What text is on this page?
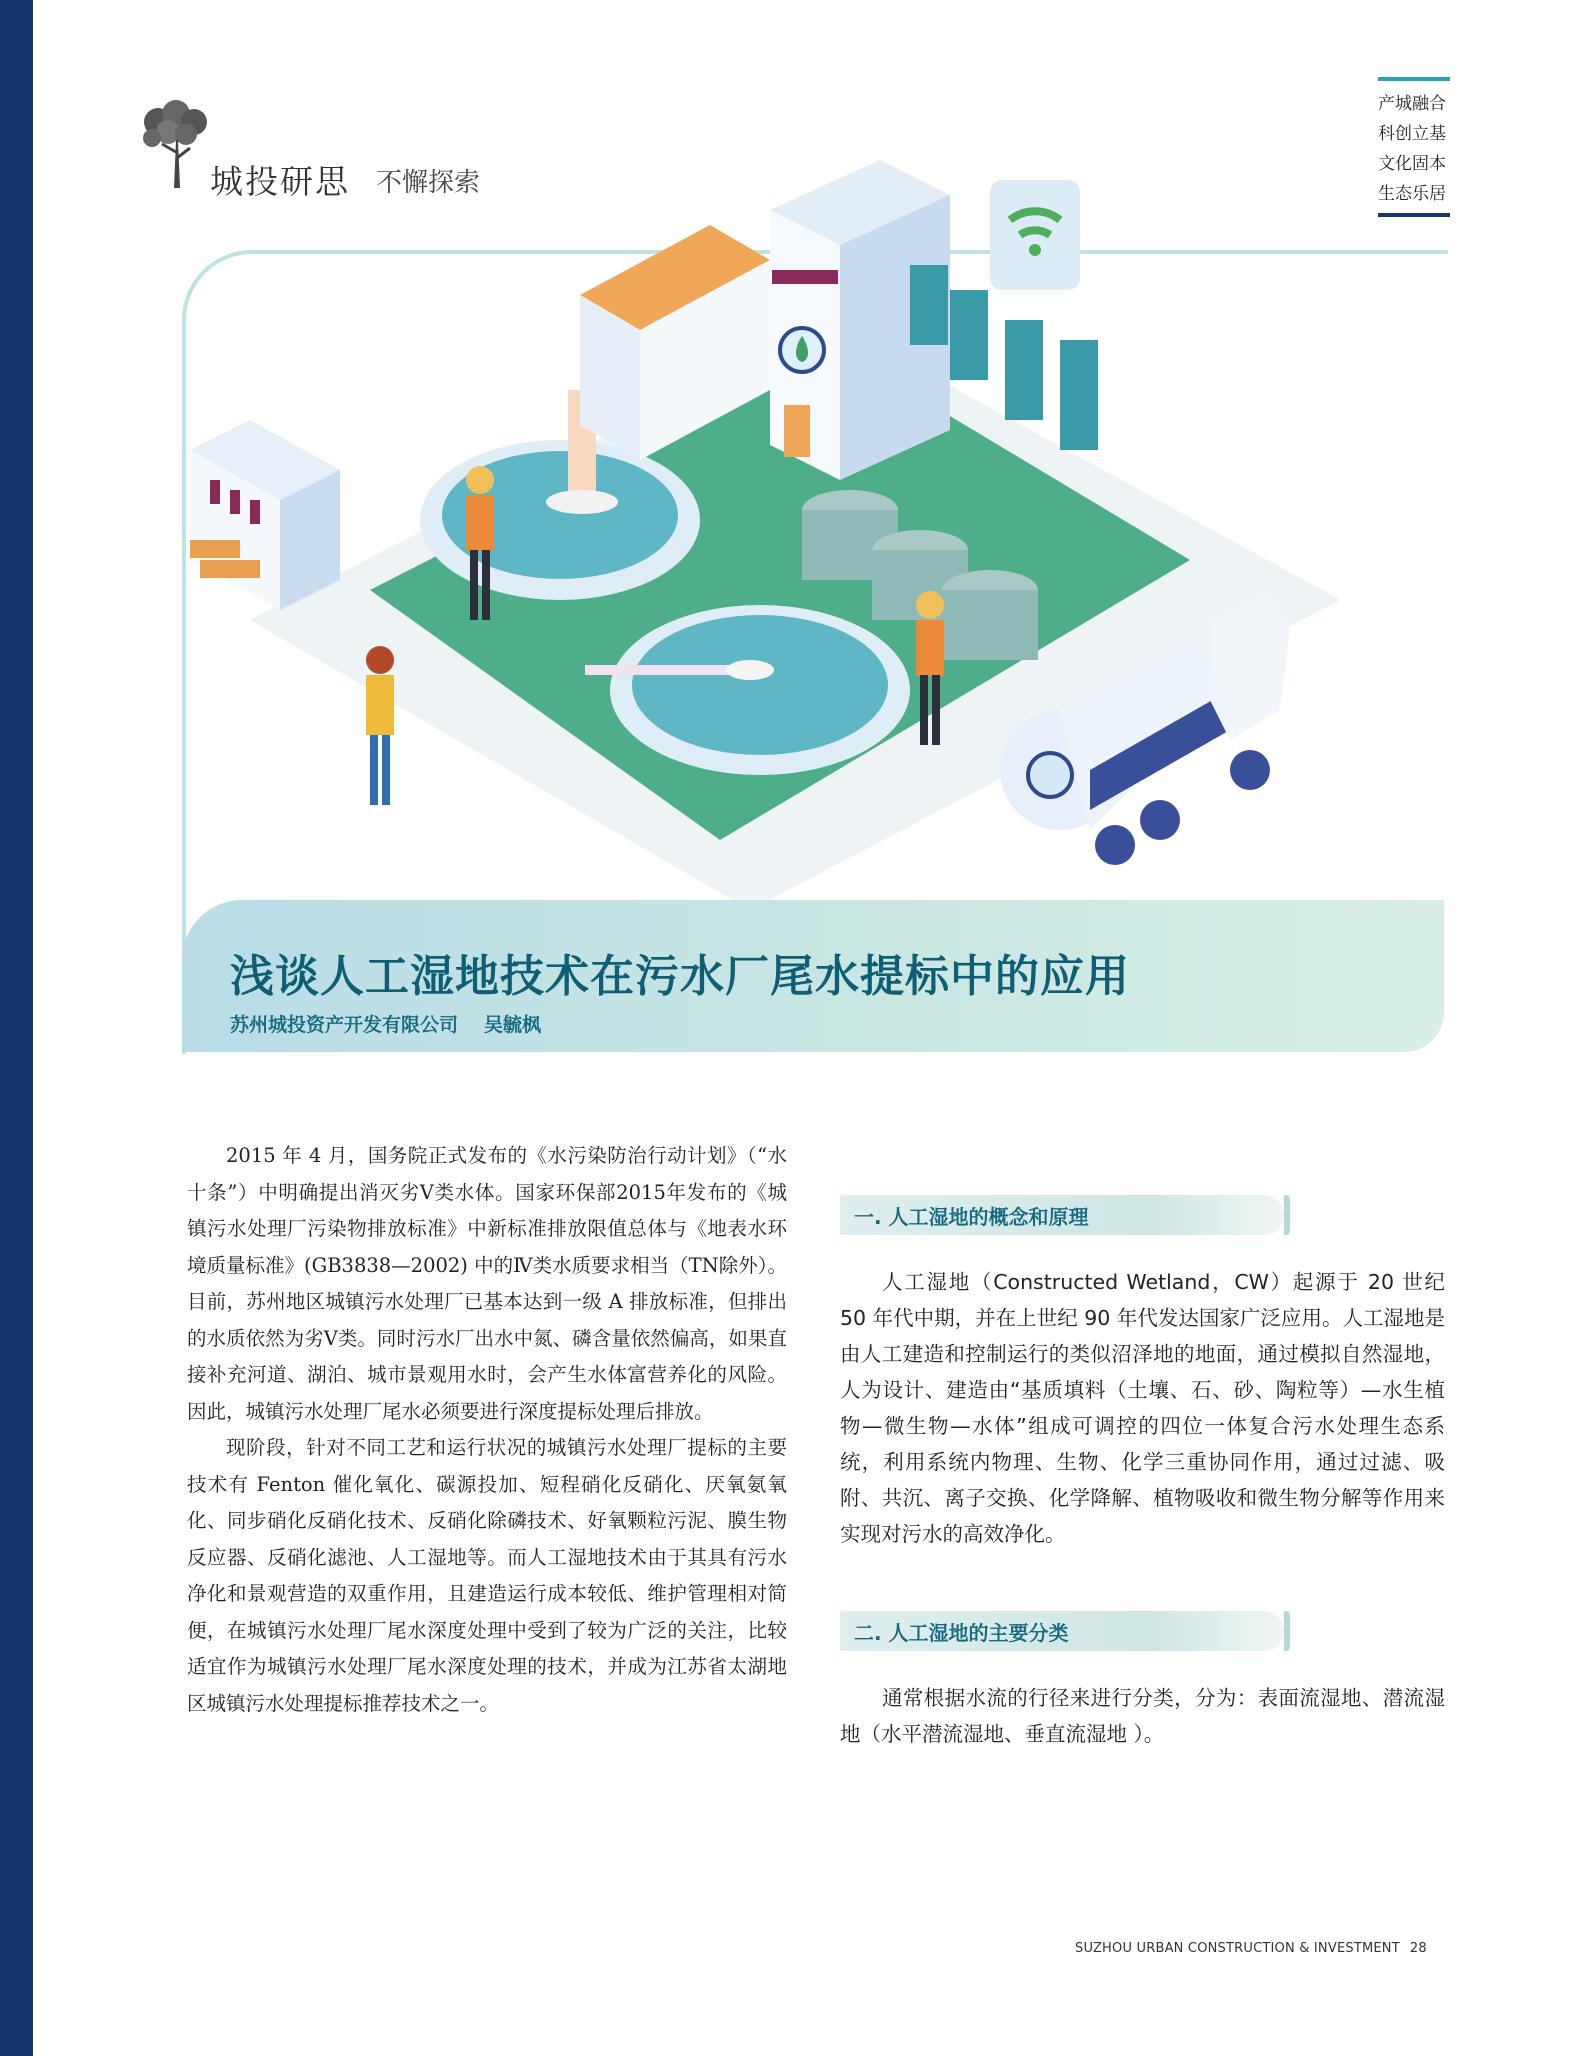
城投研思 不懈探索
产城融合
科创立基
文化固本
生态乐居
浅谈人工湿地技术在污水厂尾水提标中的应用
苏州城投资产开发有限公司 吴毓枫

2015 年 4 月，国务院正式发布的《水污染防治行动计划》（“水十条”）中明确提出消灭劣Ⅴ类水体。国家环保部2015年发布的《城镇污水处理厂污染物排放标准》中新标准排放限值总体与《地表水环境质量标准》(GB3838—2002) 中的Ⅳ类水质要求相当（TN除外）。目前，苏州地区城镇污水处理厂已基本达到一级 A 排放标准，但排出的水质依然为劣Ⅴ类。同时污水厂出水中氮、磷含量依然偏高，如果直接补充河道、湖泊、城市景观用水时，会产生水体富营养化的风险。因此，城镇污水处理厂尾水必须要进行深度提标处理后排放。

现阶段，针对不同工艺和运行状况的城镇污水处理厂提标的主要技术有 Fenton 催化氧化、碳源投加、短程硝化反硝化、厌氧氨氧化、同步硝化反硝化技术、反硝化除磷技术、好氧颗粒污泥、膜生物反应器、反硝化滤池、人工湿地等。而人工湿地技术由于其具有污水净化和景观营造的双重作用，且建造运行成本较低、维护管理相对简便，在城镇污水处理厂尾水深度处理中受到了较为广泛的关注，比较适宜作为城镇污水处理厂尾水深度处理的技术，并成为江苏省太湖地区城镇污水处理提标推荐技术之一。

一. 人工湿地的概念和原理

人工湿地（Constructed Wetland，CW）起源于 20 世纪 50 年代中期，并在上世纪 90 年代发达国家广泛应用。人工湿地是由人工建造和控制运行的类似沼泽地的地面，通过模拟自然湿地，人为设计、建造由“基质填料（土壤、石、砂、陶粒等）—水生植物—微生物—水体”组成可调控的四位一体复合污水处理生态系统，利用系统内物理、生物、化学三重协同作用，通过过滤、吸附、共沉、离子交换、化学降解、植物吸收和微生物分解等作用来实现对污水的高效净化。

二. 人工湿地的主要分类

通常根据水流的行径来进行分类，分为：表面流湿地、潜流湿地（水平潜流湿地、垂直流湿地 ）。

SUZHOU URBAN CONSTRUCTION & INVESTMENT 28
